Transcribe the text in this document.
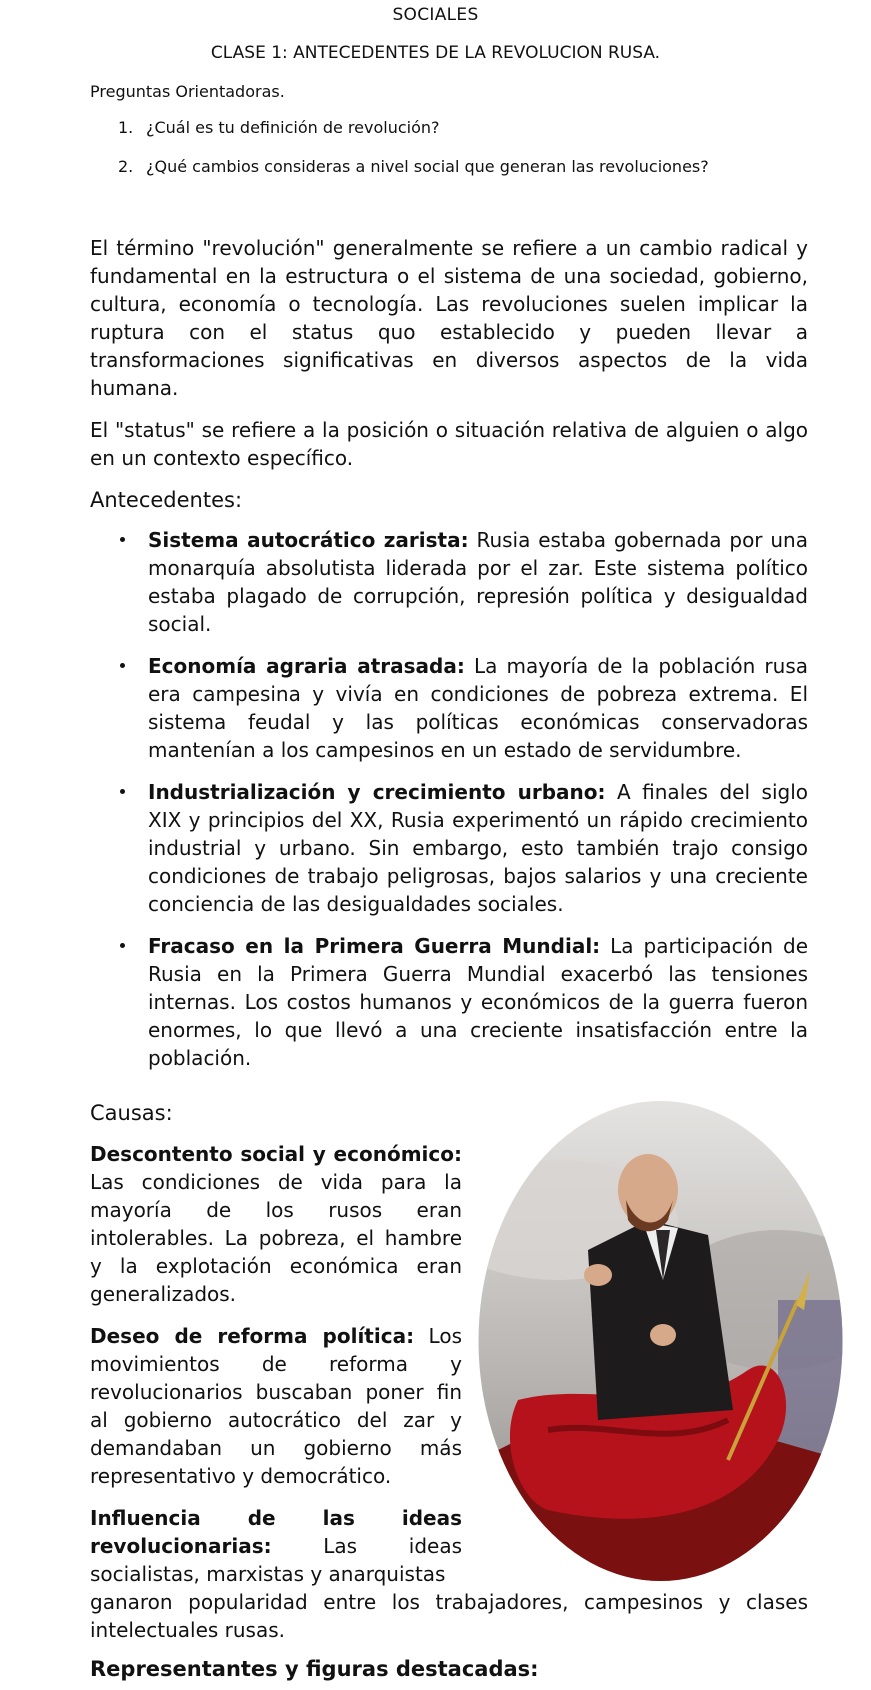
SOCIALES
CLASE 1: ANTECEDENTES DE LA REVOLUCION RUSA.
Preguntas Orientadoras.
1. ¿Cuál es tu definición de revolución?
2. ¿Qué cambios consideras a nivel social que generan las revoluciones?

El término "revolución" generalmente se refiere a un cambio radical y fundamental en la estructura o el sistema de una sociedad, gobierno, cultura, economía o tecnología. Las revoluciones suelen implicar la ruptura con el status quo establecido y pueden llevar a transformaciones significativas en diversos aspectos de la vida humana.

El "status" se refiere a la posición o situación relativa de alguien o algo en un contexto específico.

Antecedentes:
Sistema autocrático zarista: Rusia estaba gobernada por una monarquía absolutista liderada por el zar. Este sistema político estaba plagado de corrupción, represión política y desigualdad social.
Economía agraria atrasada: La mayoría de la población rusa era campesina y vivía en condiciones de pobreza extrema. El sistema feudal y las políticas económicas conservadoras mantenían a los campesinos en un estado de servidumbre.
Industrialización y crecimiento urbano: A finales del siglo XIX y principios del XX, Rusia experimentó un rápido crecimiento industrial y urbano. Sin embargo, esto también trajo consigo condiciones de trabajo peligrosas, bajos salarios y una creciente conciencia de las desigualdades sociales.
Fracaso en la Primera Guerra Mundial: La participación de Rusia en la Primera Guerra Mundial exacerbó las tensiones internas. Los costos humanos y económicos de la guerra fueron enormes, lo que llevó a una creciente insatisfacción entre la población.
Causas:

Descontento social y económico: Las condiciones de vida para la mayoría de los rusos eran intolerables. La pobreza, el hambre y la explotación económica eran generalizados.

Deseo de reforma política: Los movimientos de reforma y revolucionarios buscaban poner fin al gobierno autocrático del zar y demandaban un gobierno más representativo y democrático.

Influencia de las ideas revolucionarias: Las ideas socialistas, marxistas y anarquistas

ganaron popularidad entre los trabajadores, campesinos y clases intelectuales rusas.

Representantes y figuras destacadas:
